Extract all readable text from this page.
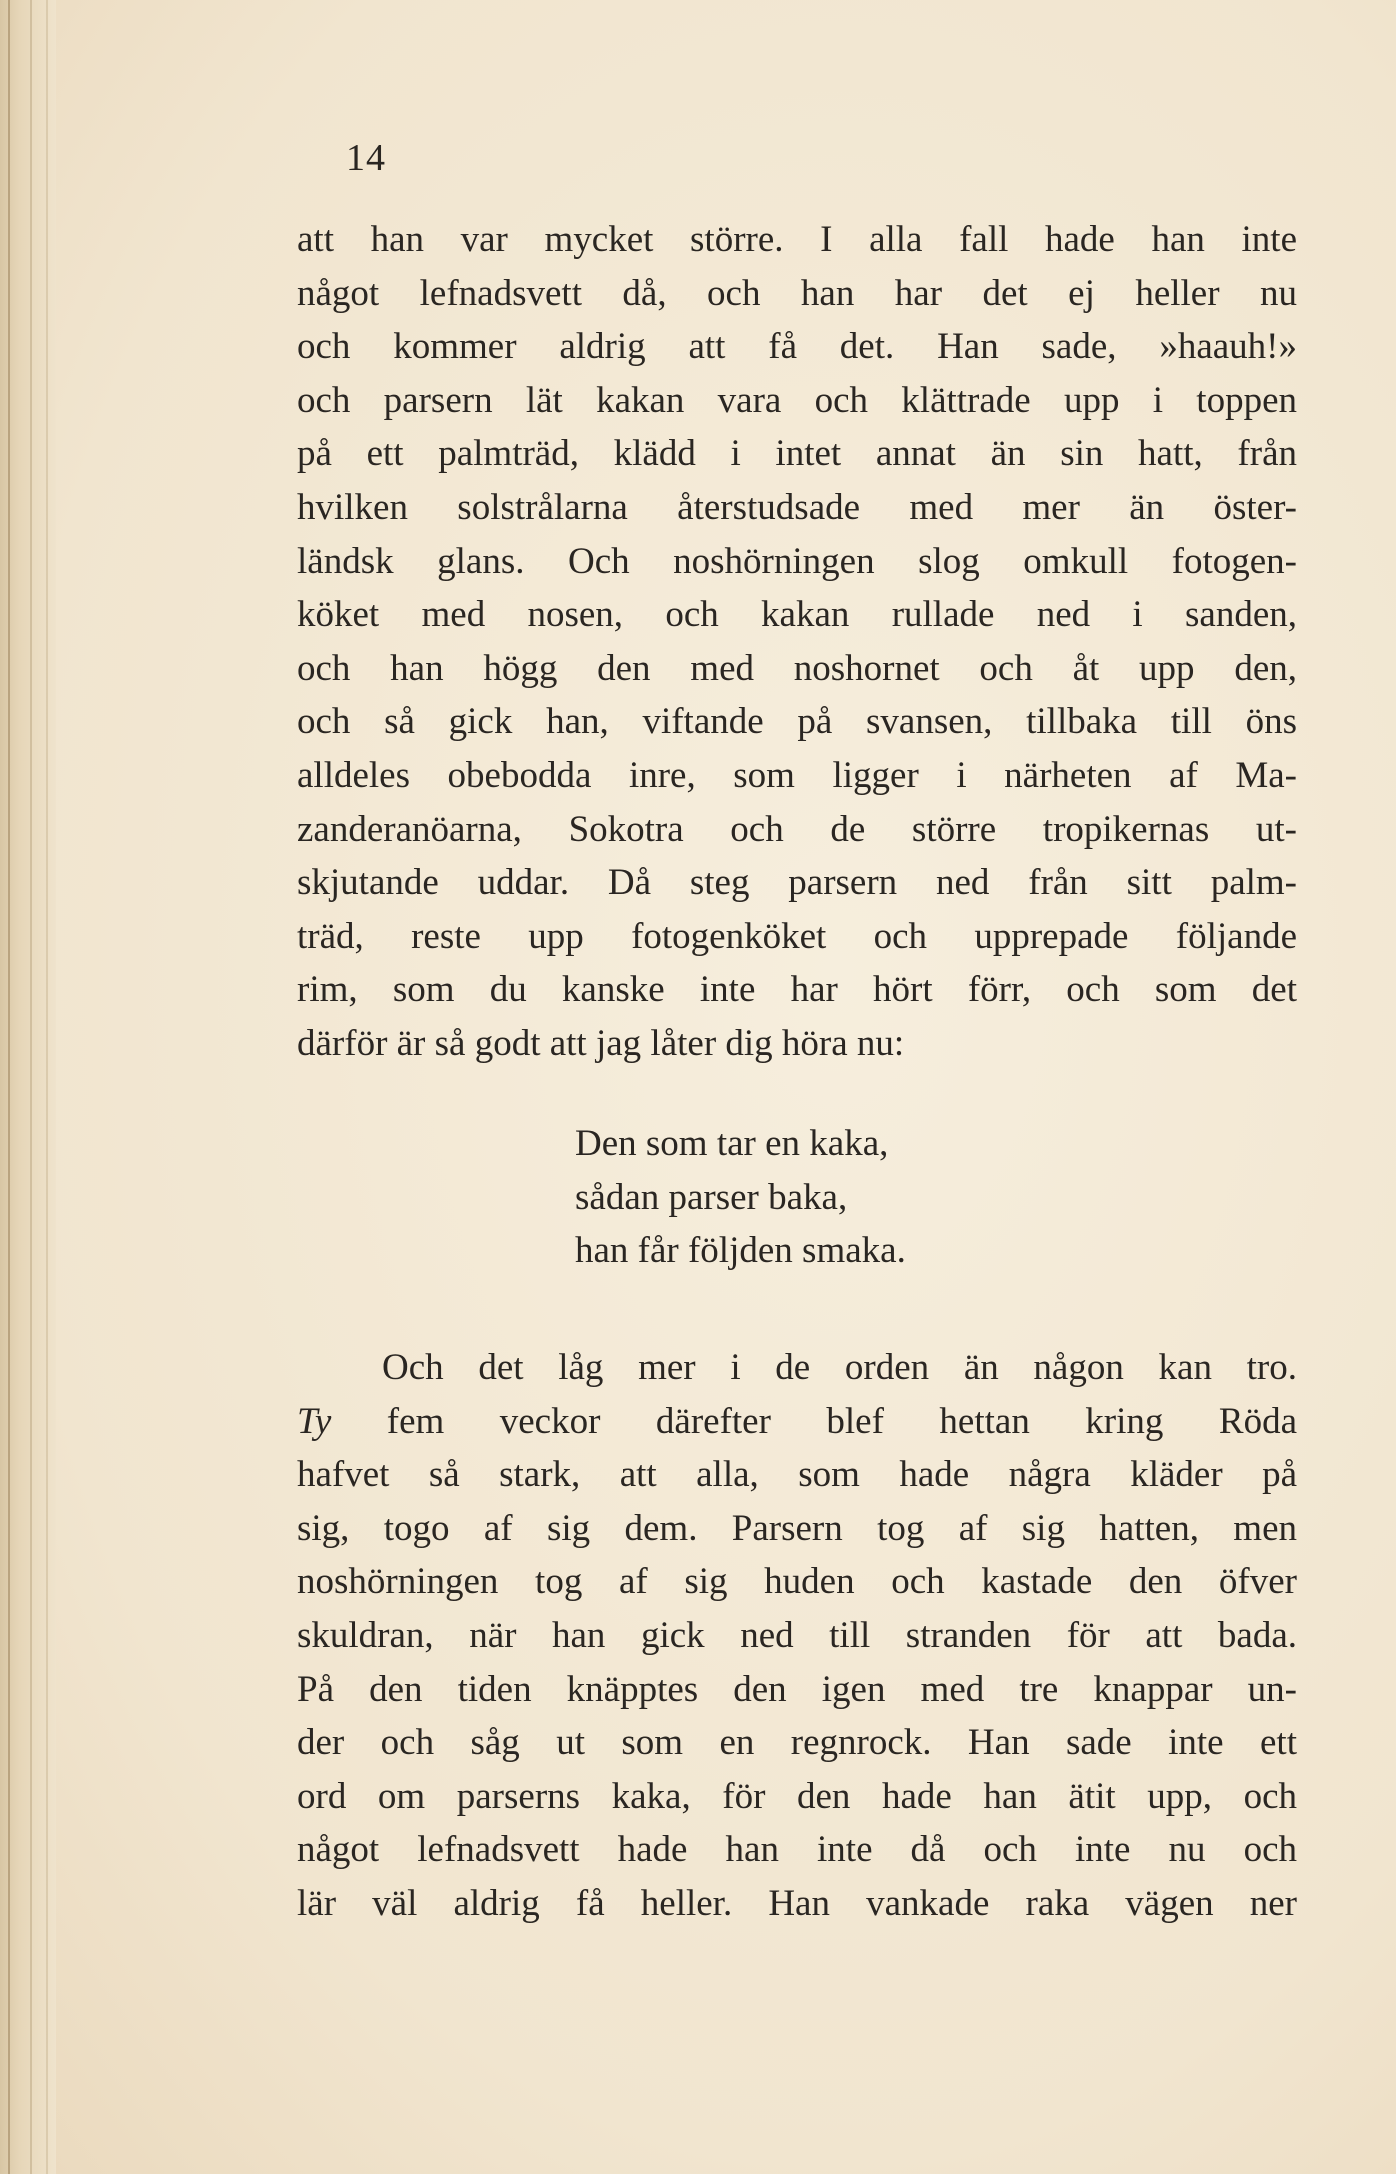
14
att han var mycket större. I alla fall hade han inte
något lefnadsvett då, och han har det ej heller nu
och kommer aldrig att få det. Han sade, »haauh!»
och parsern lät kakan vara och klättrade upp i toppen
på ett palmträd, klädd i intet annat än sin hatt, från
hvilken solstrålarna återstudsade med mer än öster-
ländsk glans. Och noshörningen slog omkull fotogen-
köket med nosen, och kakan rullade ned i sanden,
och han högg den med noshornet och åt upp den,
och så gick han, viftande på svansen, tillbaka till öns
alldeles obebodda inre, som ligger i närheten af Ma-
zanderanöarna, Sokotra och de större tropikernas ut-
skjutande uddar. Då steg parsern ned från sitt palm-
träd, reste upp fotogenköket och upprepade följande
rim, som du kanske inte har hört förr, och som det
därför är så godt att jag låter dig höra nu:
Den som tar en kaka,
sådan parser baka,
han får följden smaka.
Och det låg mer i de orden än någon kan tro.
Ty fem veckor därefter blef hettan kring Röda
hafvet så stark, att alla, som hade några kläder på
sig, togo af sig dem. Parsern tog af sig hatten, men
noshörningen tog af sig huden och kastade den öfver
skuldran, när han gick ned till stranden för att bada.
På den tiden knäpptes den igen med tre knappar un-
der och såg ut som en regnrock. Han sade inte ett
ord om parserns kaka, för den hade han ätit upp, och
något lefnadsvett hade han inte då och inte nu och
lär väl aldrig få heller. Han vankade raka vägen ner
